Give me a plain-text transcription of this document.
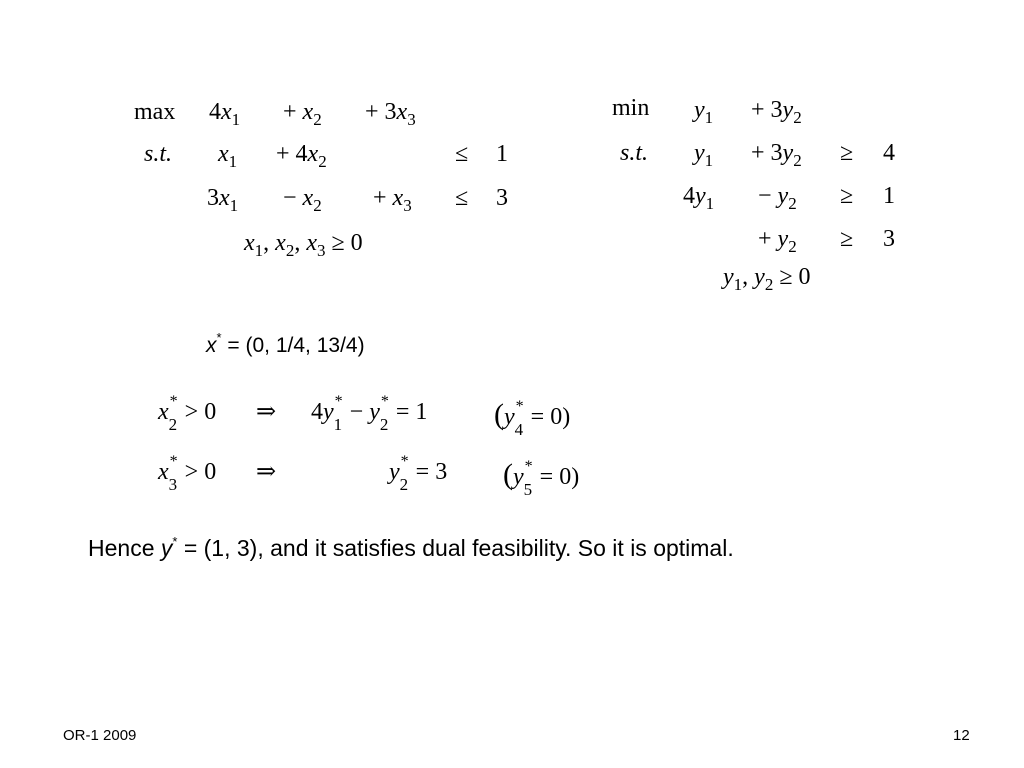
$\max 4x_1 + x_2 + 3x_3$
s.t. $x_1 + 4x_2$	≤ 1
$3x_1 - x_2 + x_3 \le 3$
$x_1$, $x_2$, $x_3 \ge 0$
$\min y_1 + 3y_2$
s.t. $y_1 + 3y_2 \ge 4$
$4y_1 - y_2 \ge 1$
+ $y_2 \ge 3$
$y_1$, $y_2 \ge 0$
x* = (0, 1/4, 13/4)
x *
2 > 0 ⇒ 4y *
1 − y *
2 = 1 (y *
4 = 0)
x *
3 > 0 ⇒	y *
2 = 3 (y *
5 = 0)
Hence y* = (1, 3), and it satisfies dual feasibility. So it is optimal.
OR-1 2009	12
